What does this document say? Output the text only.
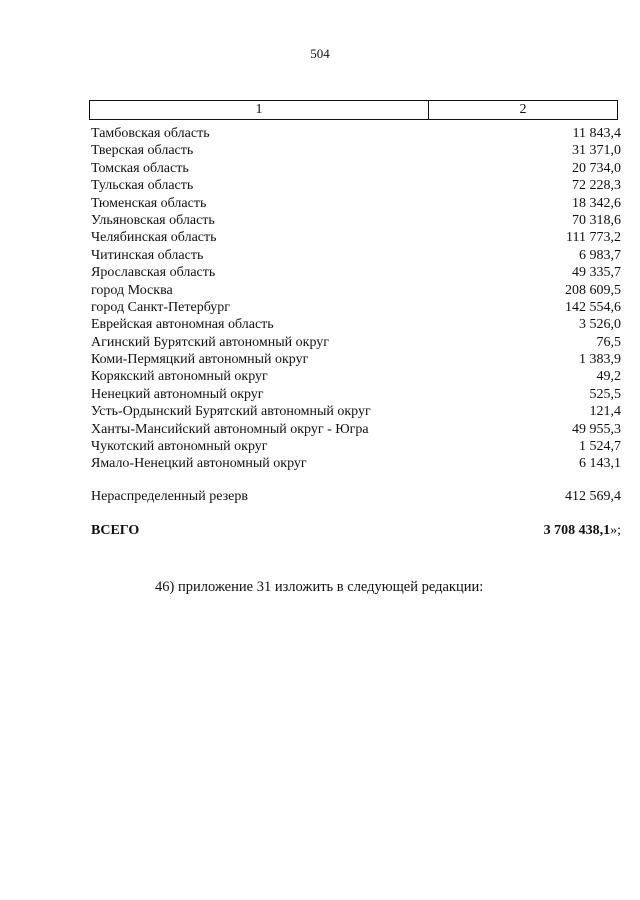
504
1	2
Тамбовская область	11 843,4
Тверская область	31 371,0
Томская область	20 734,0
Тульская область	72 228,3
Тюменская область	18 342,6
Ульяновская область	70 318,6
Челябинская область	111 773,2
Читинская область	6 983,7
Ярославская область	49 335,7
город Москва	208 609,5
город Санкт-Петербург	142 554,6
Еврейская автономная область	3 526,0
Агинский Бурятский автономный округ	76,5
Коми-Пермяцкий автономный округ	1 383,9
Корякский автономный округ	49,2
Ненецкий автономный округ	525,5
Усть-Ордынский Бурятский автономный округ	121,4
Ханты-Мансийский автономный округ - Югра	49 955,3
Чукотский автономный округ	1 524,7
Ямало-Ненецкий автономный округ	6 143,1
Нераспределенный резерв	412 569,4
ВСЕГО	3 708 438,1»;
46) приложение 31 изложить в следующей редакции:
